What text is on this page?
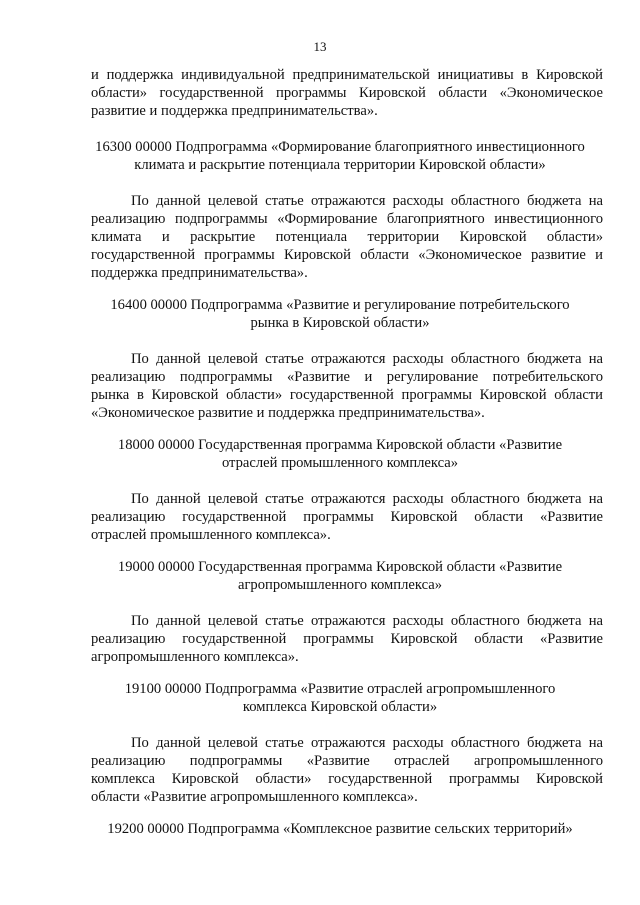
13
и поддержка индивидуальной предпринимательской инициативы в Кировской
области» государственной программы Кировской области «Экономическое
развитие и поддержка предпринимательства».
16300 00000 Подпрограмма «Формирование благоприятного инвестиционного
климата и раскрытие потенциала территории Кировской области»
По данной целевой статье отражаются расходы областного бюджета на
реализацию подпрограммы «Формирование благоприятного инвестиционного
климата и раскрытие потенциала территории Кировской области»
государственной программы Кировской области «Экономическое развитие и
поддержка предпринимательства».
16400 00000 Подпрограмма «Развитие и регулирование потребительского
рынка в Кировской области»
По данной целевой статье отражаются расходы областного бюджета на
реализацию подпрограммы «Развитие и регулирование потребительского
рынка в Кировской области» государственной программы Кировской области
«Экономическое развитие и поддержка предпринимательства».
18000 00000 Государственная программа Кировской области «Развитие
отраслей промышленного комплекса»
По данной целевой статье отражаются расходы областного бюджета на
реализацию государственной программы Кировской области «Развитие
отраслей промышленного комплекса».
19000 00000 Государственная программа Кировской области «Развитие
агропромышленного комплекса»
По данной целевой статье отражаются расходы областного бюджета на
реализацию государственной программы Кировской области «Развитие
агропромышленного комплекса».
19100 00000 Подпрограмма «Развитие отраслей агропромышленного
комплекса Кировской области»
По данной целевой статье отражаются расходы областного бюджета на
реализацию подпрограммы «Развитие отраслей агропромышленного
комплекса Кировской области» государственной программы Кировской
области «Развитие агропромышленного комплекса».
19200 00000 Подпрограмма «Комплексное развитие сельских территорий»
